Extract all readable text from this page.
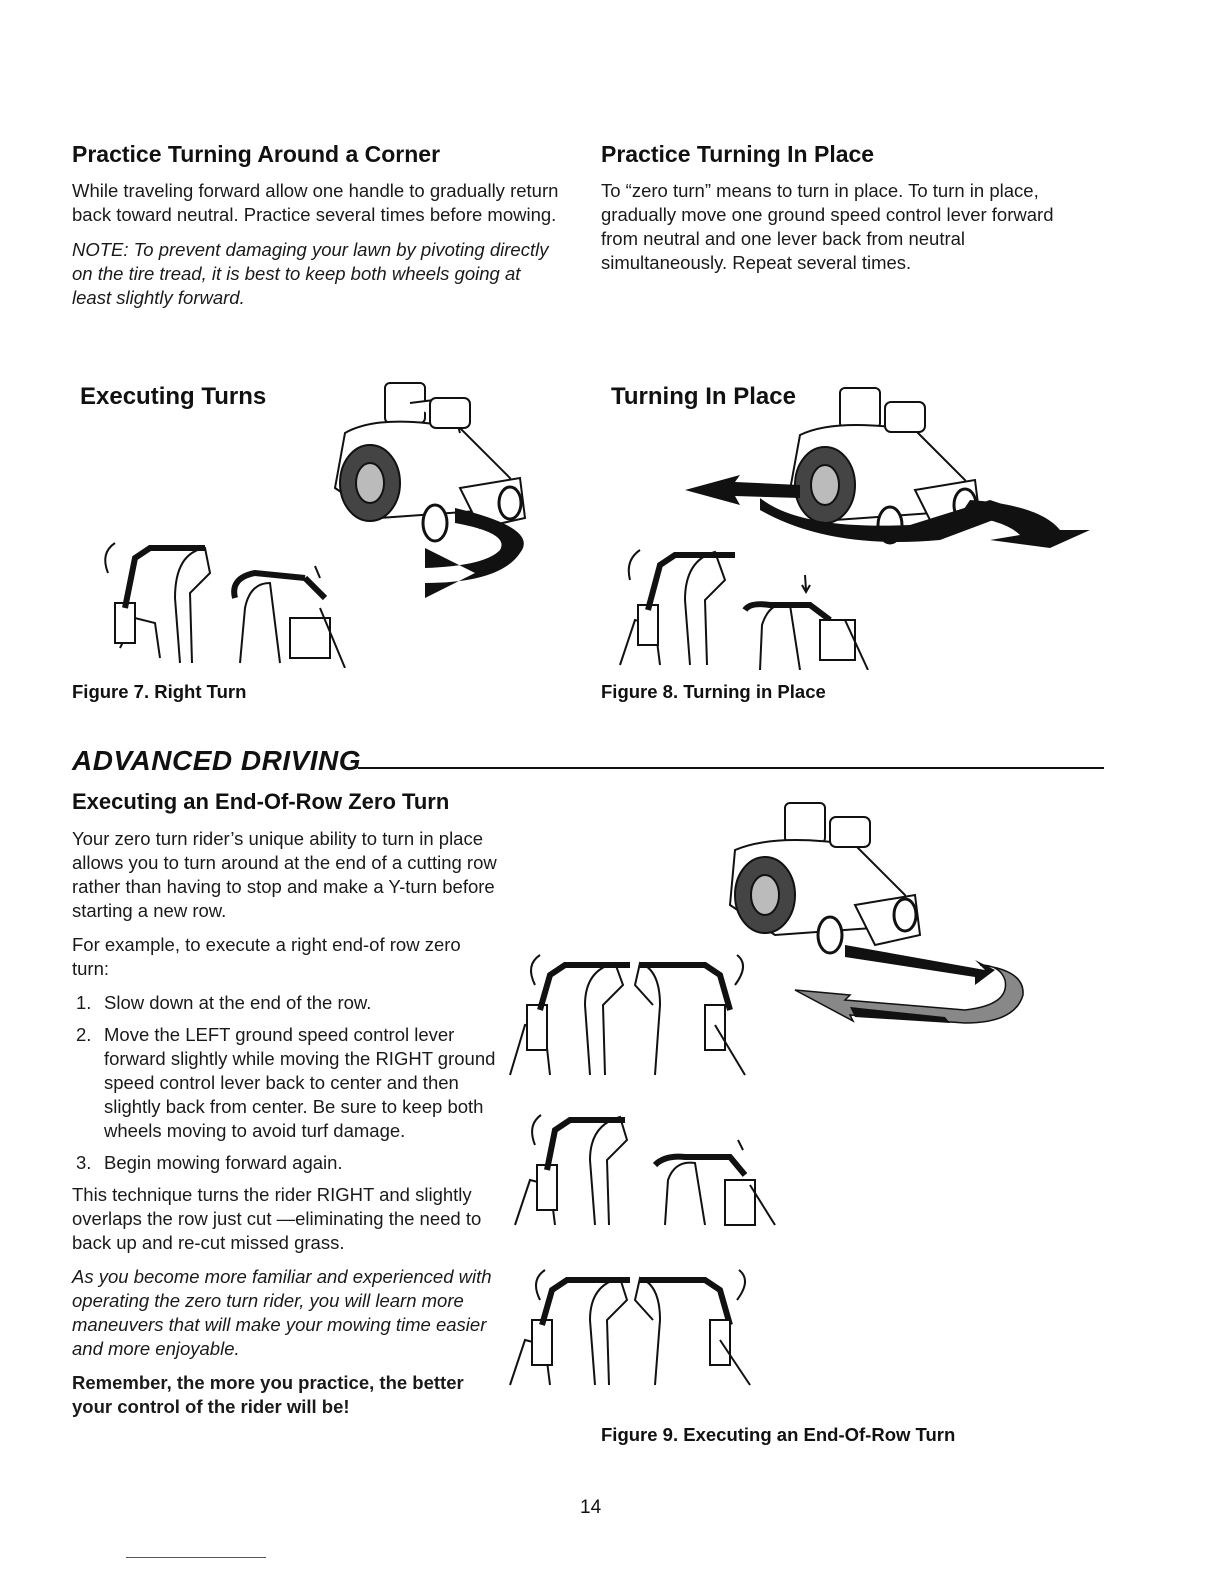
Practice Turning Around a Corner

While traveling forward allow one handle to gradually return back toward neutral. Practice several times before mowing.

NOTE: To prevent damaging your lawn by pivoting directly on the tire tread, it is best to keep both wheels going at least slightly forward.

Practice Turning In Place

To “zero turn” means to turn in place. To turn in place, gradually move one ground speed control lever forward from neutral and one lever back from neutral simultaneously. Repeat several times.

Executing Turns
Figure 7. Right Turn
Turning In Place
Figure 8. Turning in Place
ADVANCED DRIVING
Executing an End-Of-Row Zero Turn

Your zero turn rider’s unique ability to turn in place allows you to turn around at the end of a cutting row rather than having to stop and make a Y-turn before starting a new row.

For example, to execute a right end-of row zero turn:

1. Slow down at the end of the row.
2. Move the LEFT ground speed control lever forward slightly while moving the RIGHT ground speed control lever back to center and then slightly back from center. Be sure to keep both wheels moving to avoid turf damage.
3. Begin mowing forward again.

This technique turns the rider RIGHT and slightly overlaps the row just cut —eliminating the need to back up and re-cut missed grass.

As you become more familiar and experienced with operating the zero turn rider, you will learn more maneuvers that will make your mowing time easier and more enjoyable.

Remember, the more you practice, the better your control of the rider will be!

Figure 9. Executing an End-Of-Row Turn
14
